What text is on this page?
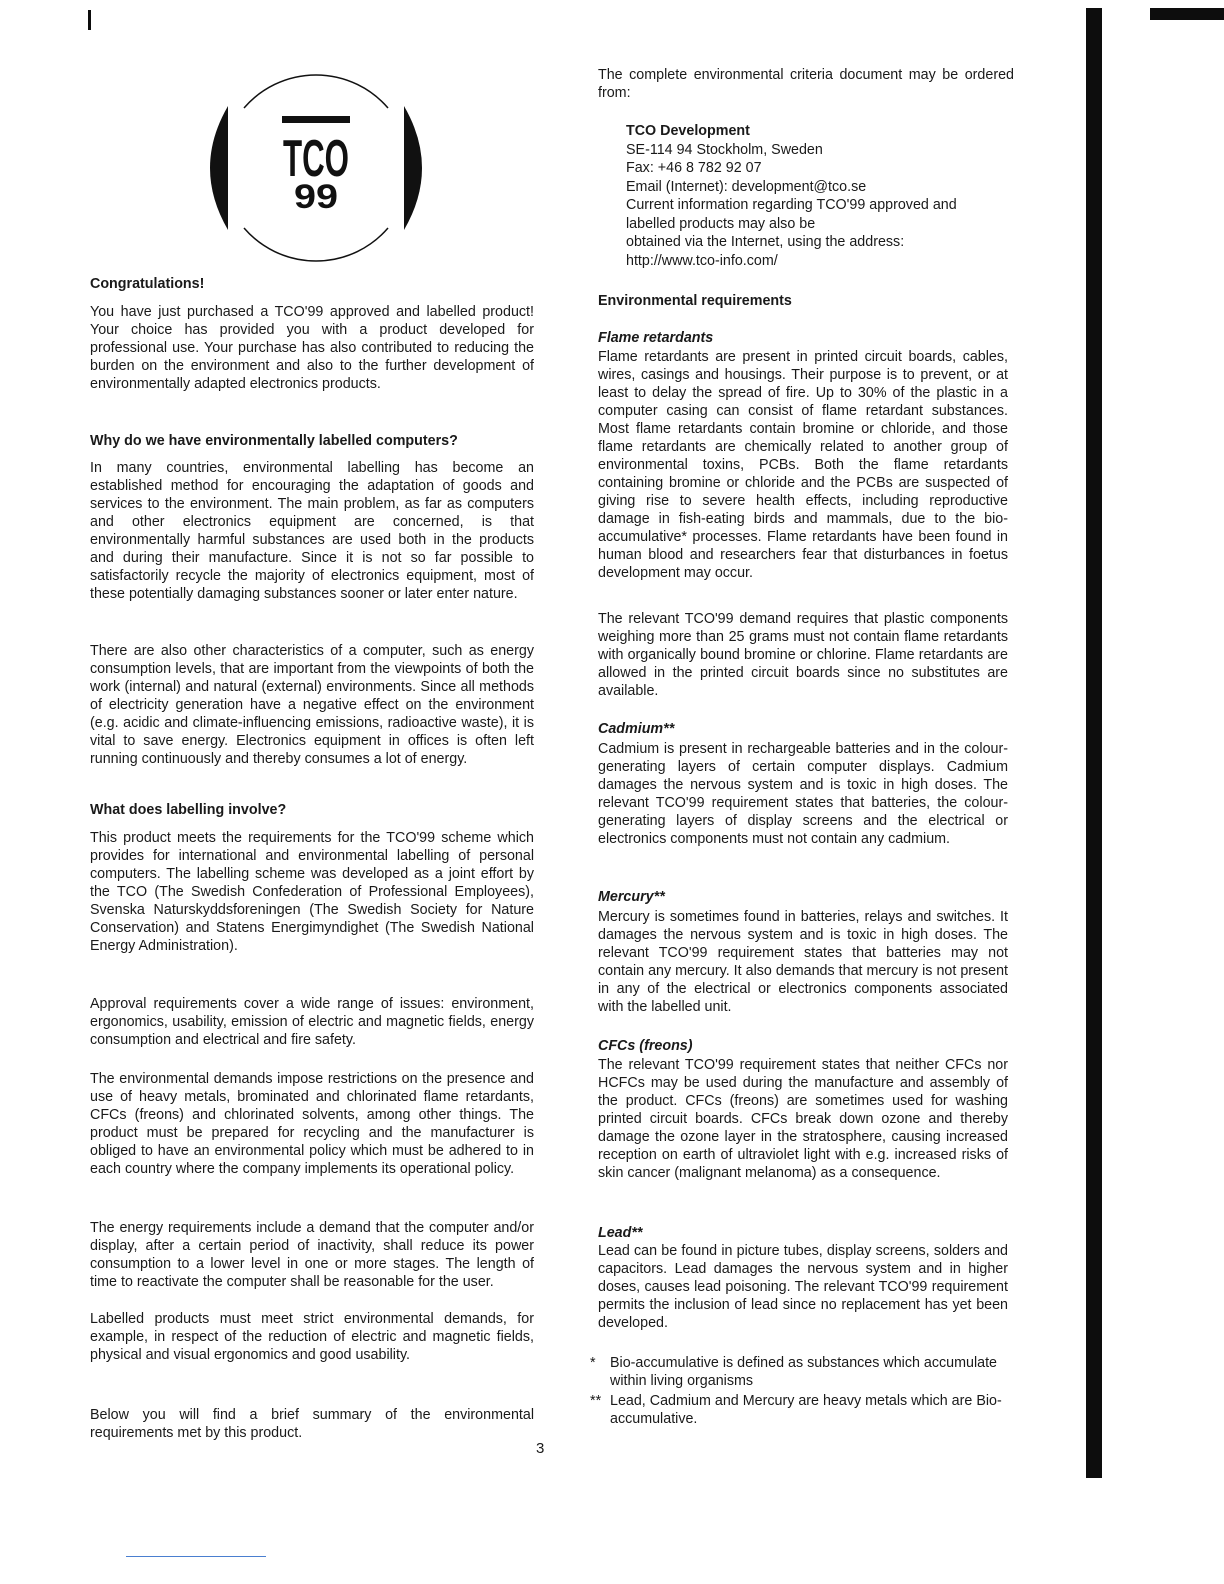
TCO
99

Congratulations!

You have just purchased a TCO'99 approved and labelled product! Your choice has provided you with a product developed for professional use. Your purchase has also contributed to reducing the burden on the environment and also to the further development of environmentally adapted electronics products.

Why do we have environmentally labelled computers?

In many countries, environmental labelling has become an established method for encouraging the adaptation of goods and services to the environment. The main problem, as far as computers and other electronics equipment are concerned, is that environmentally harmful substances are used both in the products and during their manufacture. Since it is not so far possible to satisfactorily recycle the majority of electronics equipment, most of these potentially damaging substances sooner or later enter nature.

There are also other characteristics of a computer, such as energy consumption levels, that are important from the viewpoints of both the work (internal) and natural (external) environments. Since all methods of electricity generation have a negative effect on the environment (e.g. acidic and climate-influencing emissions, radioactive waste), it is vital to save energy. Electronics equipment in offices is often left running continuously and thereby consumes a lot of energy.

What does labelling involve?

This product meets the requirements for the TCO'99 scheme which provides for international and environmental labelling of personal computers. The labelling scheme was developed as a joint effort by the TCO (The Swedish Confederation of Professional Employees), Svenska Naturskyddsforeningen (The Swedish Society for Nature Conservation) and Statens Energimyndighet (The Swedish National Energy Administration).

Approval requirements cover a wide range of issues: environment, ergonomics, usability, emission of electric and magnetic fields, energy consumption and electrical and fire safety.

The environmental demands impose restrictions on the presence and use of heavy metals, brominated and chlorinated flame retardants, CFCs (freons) and chlorinated solvents, among other things. The product must be prepared for recycling and the manufacturer is obliged to have an environmental policy which must be adhered to in each country where the company implements its operational policy.

The energy requirements include a demand that the computer and/or display, after a certain period of inactivity, shall reduce its power consumption to a lower level in one or more stages. The length of time to reactivate the computer shall be reasonable for the user.

Labelled products must meet strict environmental demands, for example, in respect of the reduction of electric and magnetic fields, physical and visual ergonomics and good usability.

Below you will find a brief summary of the environmental requirements met by this product.

3

The complete environmental criteria document may be ordered from:

TCO Development

SE-114 94 Stockholm, Sweden

Fax: +46 8 782 92 07

Email (Internet): development@tco.se

Current information regarding TCO'99 approved and

labelled products may also be

obtained via the Internet, using the address:

http://www.tco-info.com/

Environmental requirements

Flame retardants

Flame retardants are present in printed circuit boards, cables, wires, casings and housings. Their purpose is to prevent, or at least to delay the spread of fire. Up to 30% of the plastic in a computer casing can consist of flame retardant substances. Most flame retardants contain bromine or chloride, and those flame retardants are chemically related to another group of environmental toxins, PCBs. Both the flame retardants containing bromine or chloride and the PCBs are suspected of giving rise to severe health effects, including reproductive damage in fish-eating birds and mammals, due to the bio-accumulative* processes. Flame retardants have been found in human blood and researchers fear that disturbances in foetus development may occur.

The relevant TCO'99 demand requires that plastic components weighing more than 25 grams must not contain flame retardants with organically bound bromine or chlorine. Flame retardants are allowed in the printed circuit boards since no substitutes are available.

Cadmium**

Cadmium is present in rechargeable batteries and in the colour-generating layers of certain computer displays. Cadmium damages the nervous system and is toxic in high doses. The relevant TCO'99 requirement states that batteries, the colour-generating layers of display screens and the electrical or electronics components must not contain any cadmium.

Mercury**

Mercury is sometimes found in batteries, relays and switches. It damages the nervous system and is toxic in high doses. The relevant TCO'99 requirement states that batteries may not contain any mercury. It also demands that mercury is not present in any of the electrical or electronics components associated with the labelled unit.

CFCs (freons)

The relevant TCO'99 requirement states that neither CFCs nor HCFCs may be used during the manufacture and assembly of the product. CFCs (freons) are sometimes used for washing printed circuit boards. CFCs break down ozone and thereby damage the ozone layer in the stratosphere, causing increased reception on earth of ultraviolet light with e.g. increased risks of skin cancer (malignant melanoma) as a consequence.

Lead**

Lead can be found in picture tubes, display screens, solders and capacitors. Lead damages the nervous system and in higher doses, causes lead poisoning. The relevant TCO'99 requirement permits the inclusion of lead since no replacement has yet been developed.

* Bio-accumulative is defined as substances which accumulate within living organisms
** Lead, Cadmium and Mercury are heavy metals which are Bio-accumulative.
